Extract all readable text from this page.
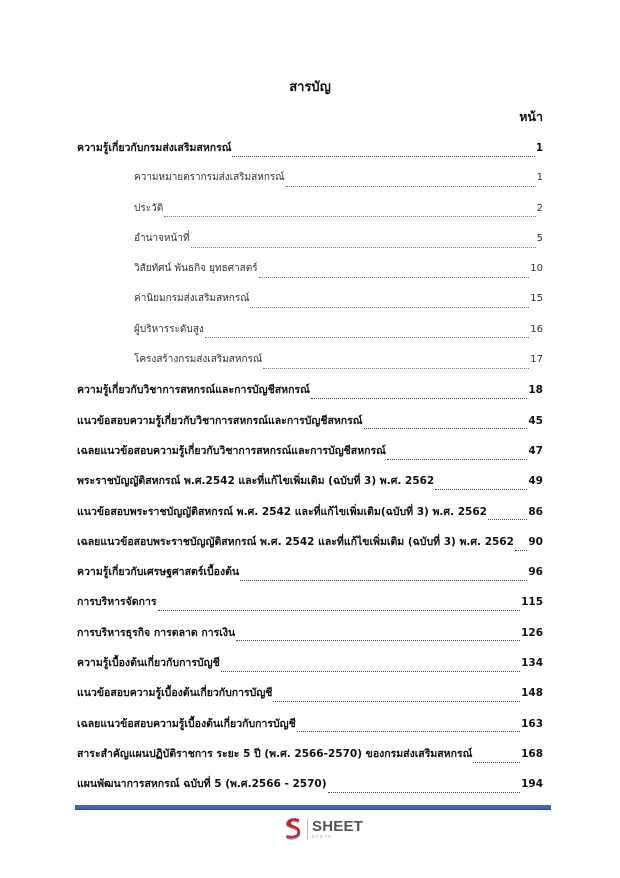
สารบัญ
หน้า
ความรู้เกี่ยวกับกรมส่งเสริมสหกรณ์	1
ความหมายตรากรมส่งเสริมสหกรณ์	1
ประวัติ	2
อำนาจหน้าที่	5
วิสัยทัศน์ พันธกิจ ยุทธศาสตร์	10
ค่านิยมกรมส่งเสริมสหกรณ์	15
ผู้บริหารระดับสูง	16
โครงสร้างกรมส่งเสริมสหกรณ์	17
ความรู้เกี่ยวกับวิชาการสหกรณ์และการบัญชีสหกรณ์	18
แนวข้อสอบความรู้เกี่ยวกับวิชาการสหกรณ์และการบัญชีสหกรณ์	45
เฉลยแนวข้อสอบความรู้เกี่ยวกับวิชาการสหกรณ์และการบัญชีสหกรณ์	47
พระราชบัญญัติสหกรณ์ พ.ศ.2542 และที่แก้ไขเพิ่มเติม (ฉบับที่ 3) พ.ศ. 2562	49
แนวข้อสอบพระราชบัญญัติสหกรณ์ พ.ศ. 2542 และที่แก้ไขเพิ่มเติม(ฉบับที่ 3) พ.ศ. 2562	86
เฉลยแนวข้อสอบพระราชบัญญัติสหกรณ์ พ.ศ. 2542 และที่แก้ไขเพิ่มเติม (ฉบับที่ 3) พ.ศ. 2562 90
ความรู้เกี่ยวกับเศรษฐศาสตร์เบื้องต้น	96
การบริหารจัดการ	115
การบริหารธุรกิจ การตลาด การเงิน	126
ความรู้เบื้องต้นเกี่ยวกับการบัญชี	134
แนวข้อสอบความรู้เบื้องต้นเกี่ยวกับการบัญชี	148
เฉลยแนวข้อสอบความรู้เบื้องต้นเกี่ยวกับการบัญชี	163
สาระสำคัญแผนปฏิบัติราชการ ระยะ 5 ปี (พ.ศ. 2566-2570) ของกรมส่งเสริมสหกรณ์	168
แผนพัฒนาการสหกรณ์ ฉบับที่ 5 (พ.ศ.2566 - 2570)	194
SHEET
store
